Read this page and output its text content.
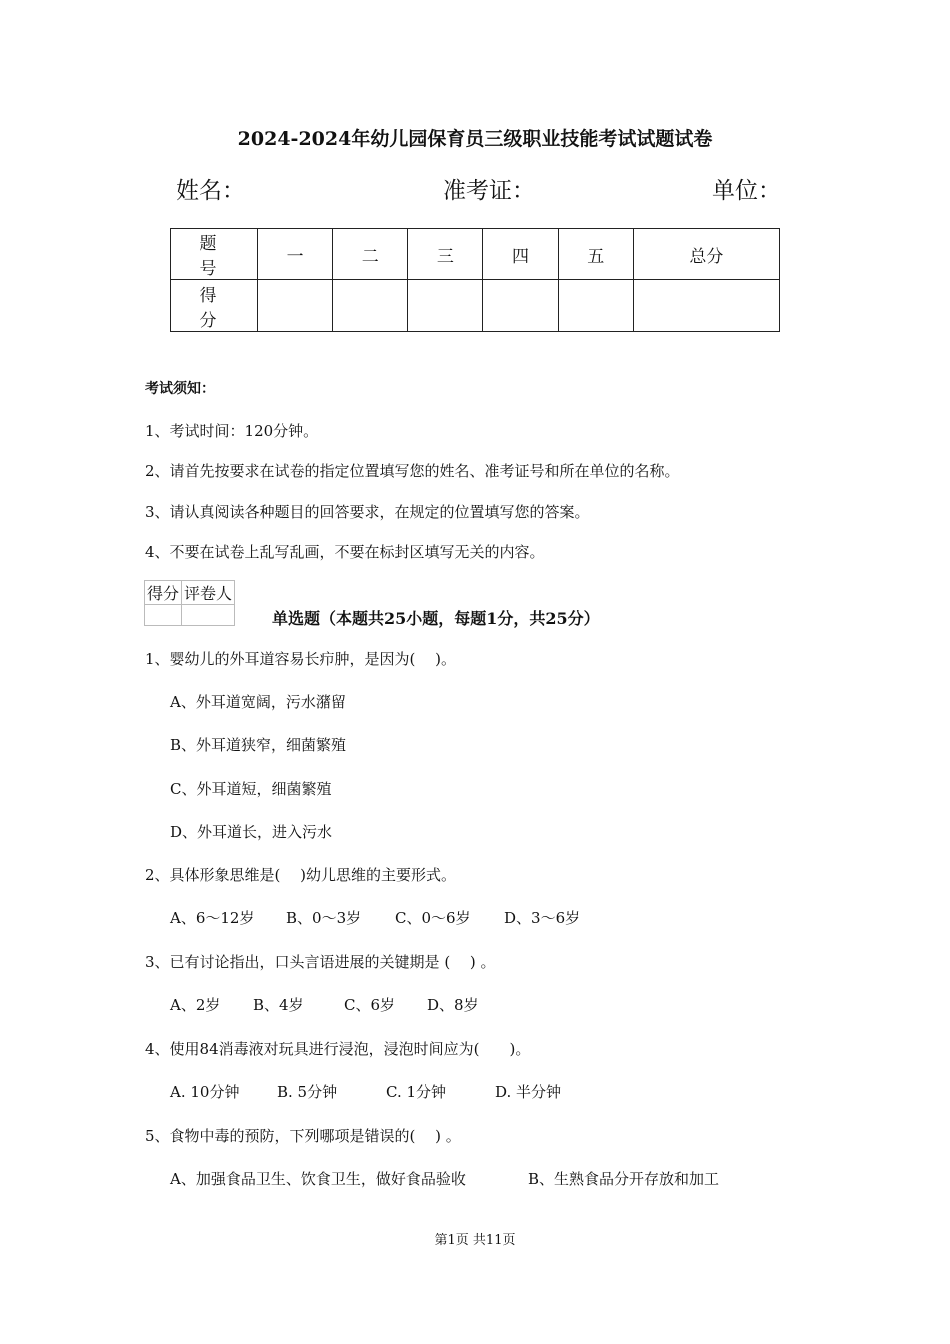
2024-2024年幼儿园保育员三级职业技能考试试题试卷
姓名：	准考证：	单位：
题　号	一	二	三	四	五	总分
得　分						
考试须知：
1、考试时间：120分钟。
2、请首先按要求在试卷的指定位置填写您的姓名、准考证号和所在单位的名称。
3、请认真阅读各种题目的回答要求，在规定的位置填写您的答案。
4、不要在试卷上乱写乱画，不要在标封区填写无关的内容。
得分	评卷人

单选题（本题共25小题，每题1分，共25分）
1、婴幼儿的外耳道容易长疖肿，是因为(　 )。
A、外耳道宽阔，污水潴留
B、外耳道狭窄，细菌繁殖
C、外耳道短，细菌繁殖
D、外耳道长，进入污水
2、具体形象思维是(　 )幼儿思维的主要形式。
A、6～12岁 B、0～3岁 C、0～6岁 D、3～6岁
3、已有讨论指出，口头言语进展的关键期是 (　 ) 。
A、2岁 B、4岁	C、6岁 D、8岁
4、使用84消毒液对玩具进行浸泡，浸泡时间应为(　　)。
A. 10分钟	B. 5分钟	C. 1分钟	D. 半分钟
5、食物中毒的预防，下列哪项是错误的(　 ) 。
A、加强食品卫生、饮食卫生，做好食品验收	B、生熟食品分开存放和加工
第1页 共11页
